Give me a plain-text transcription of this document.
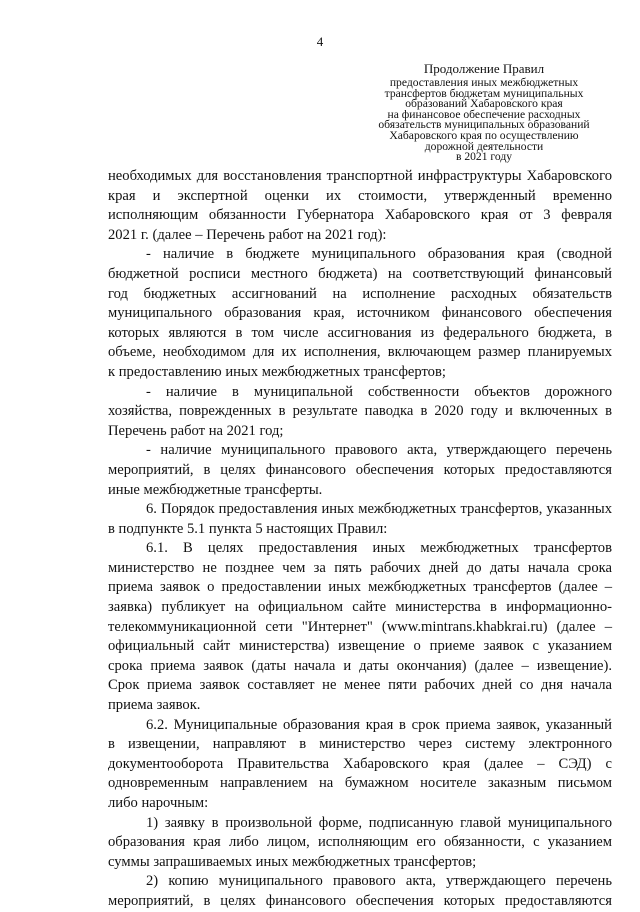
4
Продолжение Правил
предоставления иных межбюджетных
трансфертов бюджетам муниципальных
образований Хабаровского края
на финансовое обеспечение расходных
обязательств муниципальных образований
Хабаровского края по осуществлению
дорожной деятельности
в 2021 году

необходимых для восстановления транспортной инфраструктуры Хабаровского

края и экспертной оценки их стоимости, утвержденный временно

исполняющим обязанности Губернатора Хабаровского края от 3 февраля

2021 г. (далее – Перечень работ на 2021 год):

- наличие в бюджете муниципального образования края (сводной

бюджетной росписи местного бюджета) на соответствующий финансовый

год бюджетных ассигнований на исполнение расходных обязательств

муниципального образования края, источником финансового обеспечения

которых являются в том числе ассигнования из федерального бюджета, в

объеме, необходимом для их исполнения, включающем размер планируемых

к предоставлению иных межбюджетных трансфертов;

- наличие в муниципальной собственности объектов дорожного

хозяйства, поврежденных в результате паводка в 2020 году и включенных в

Перечень работ на 2021 год;

- наличие муниципального правового акта, утверждающего перечень

мероприятий, в целях финансового обеспечения которых предоставляются

иные межбюджетные трансферты.

6. Порядок предоставления иных межбюджетных трансфертов, указанных

в подпункте 5.1 пункта 5 настоящих Правил:

6.1. В целях предоставления иных межбюджетных трансфертов

министерство не позднее чем за пять рабочих дней до даты начала срока

приема заявок о предоставлении иных межбюджетных трансфертов (далее –

заявка) публикует на официальном сайте министерства в информационно-

телекоммуникационной сети "Интернет" (www.mintrans.khabkrai.ru) (далее –

официальный сайт министерства) извещение о приеме заявок с указанием

срока приема заявок (даты начала и даты окончания) (далее – извещение).

Срок приема заявок составляет не менее пяти рабочих дней со дня начала

приема заявок.

6.2. Муниципальные образования края в срок приема заявок, указанный

в извещении, направляют в министерство через систему электронного

документооборота Правительства Хабаровского края (далее – СЭД) с

одновременным направлением на бумажном носителе заказным письмом

либо нарочным:

1) заявку в произвольной форме, подписанную главой муниципального

образования края либо лицом, исполняющим его обязанности, с указанием

суммы запрашиваемых иных межбюджетных трансфертов;

2) копию муниципального правового акта, утверждающего перечень

мероприятий, в целях финансового обеспечения которых предоставляются
